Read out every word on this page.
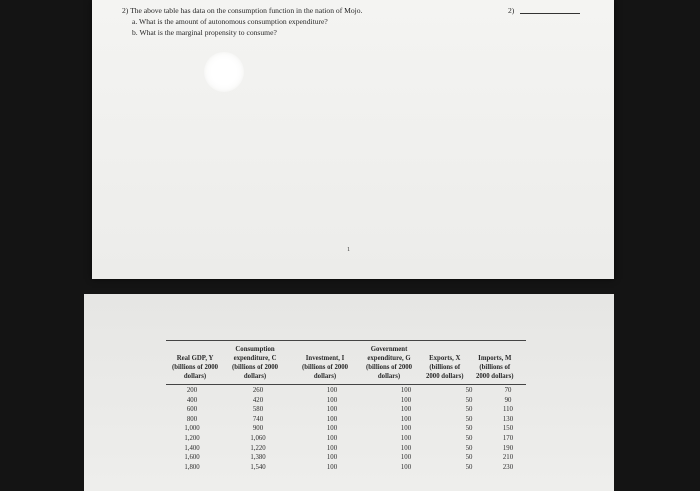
2) The above table has data on the consumption function in the nation of Mojo.
a. What is the amount of autonomous consumption expenditure?
b. What is the marginal propensity to consume?
2)
1
Real GDP, Y
(billions of 2000
dollars)
Consumption
expenditure, C
(billions of 2000
dollars)
Investment, I
(billions of 2000
dollars)
Government
expenditure, G
(billions of 2000
dollars)
Exports, X
(billions of
2000 dollars)
Imports, M
(billions of
2000 dollars)
200	260	100	100	50	70
400	420	100	100	50	90
600	580	100	100	50	110
800	740	100	100	50	130
1,000	900	100	100	50	150
1,200	1,060	100	100	50	170
1,400	1,220	100	100	50	190
1,600	1,380	100	100	50	210
1,800	1,540	100	100	50	230
